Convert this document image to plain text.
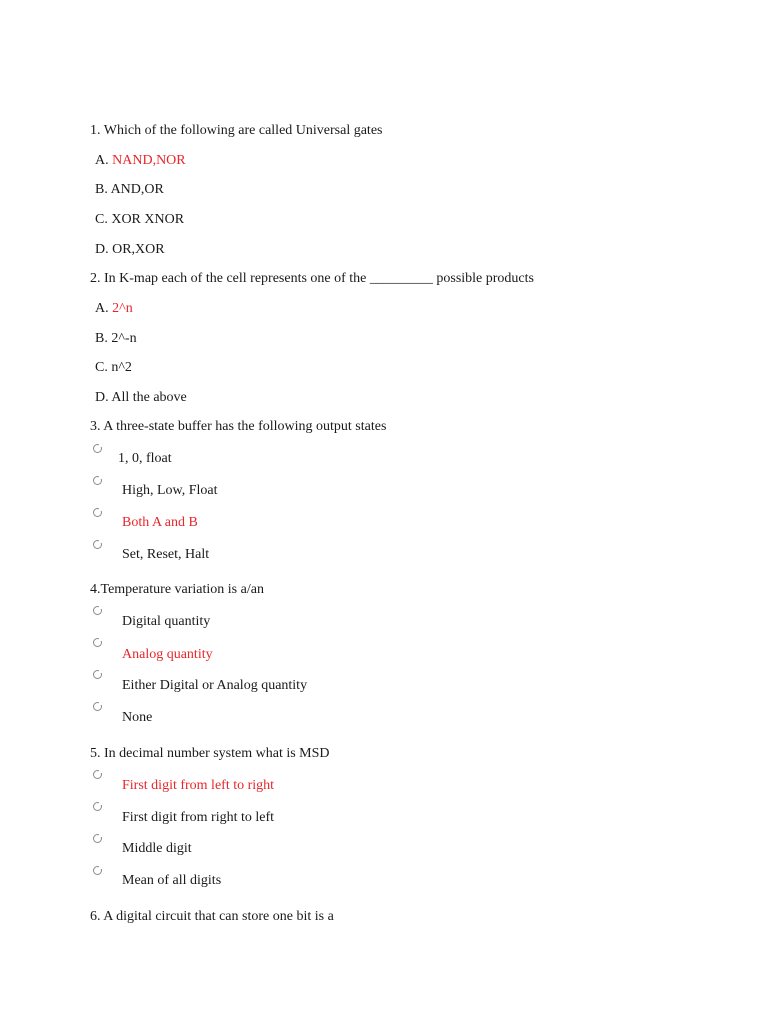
1. Which of the following are called Universal gates
A. NAND,NOR
B. AND,OR
C. XOR XNOR
D. OR,XOR
2. In K-map each of the cell represents one of the _________ possible products
A. 2^n
B. 2^-n
C. n^2
D. All the above
3. A three-state buffer has the following output states
1, 0, float
High, Low, Float
Both A and B
Set, Reset, Halt
4.Temperature variation is a/an
Digital quantity
Analog quantity
Either Digital or Analog quantity
None
5. In decimal number system what is MSD
First digit from left to right
First digit from right to left
Middle digit
Mean of all digits
6. A digital circuit that can store one bit is a
